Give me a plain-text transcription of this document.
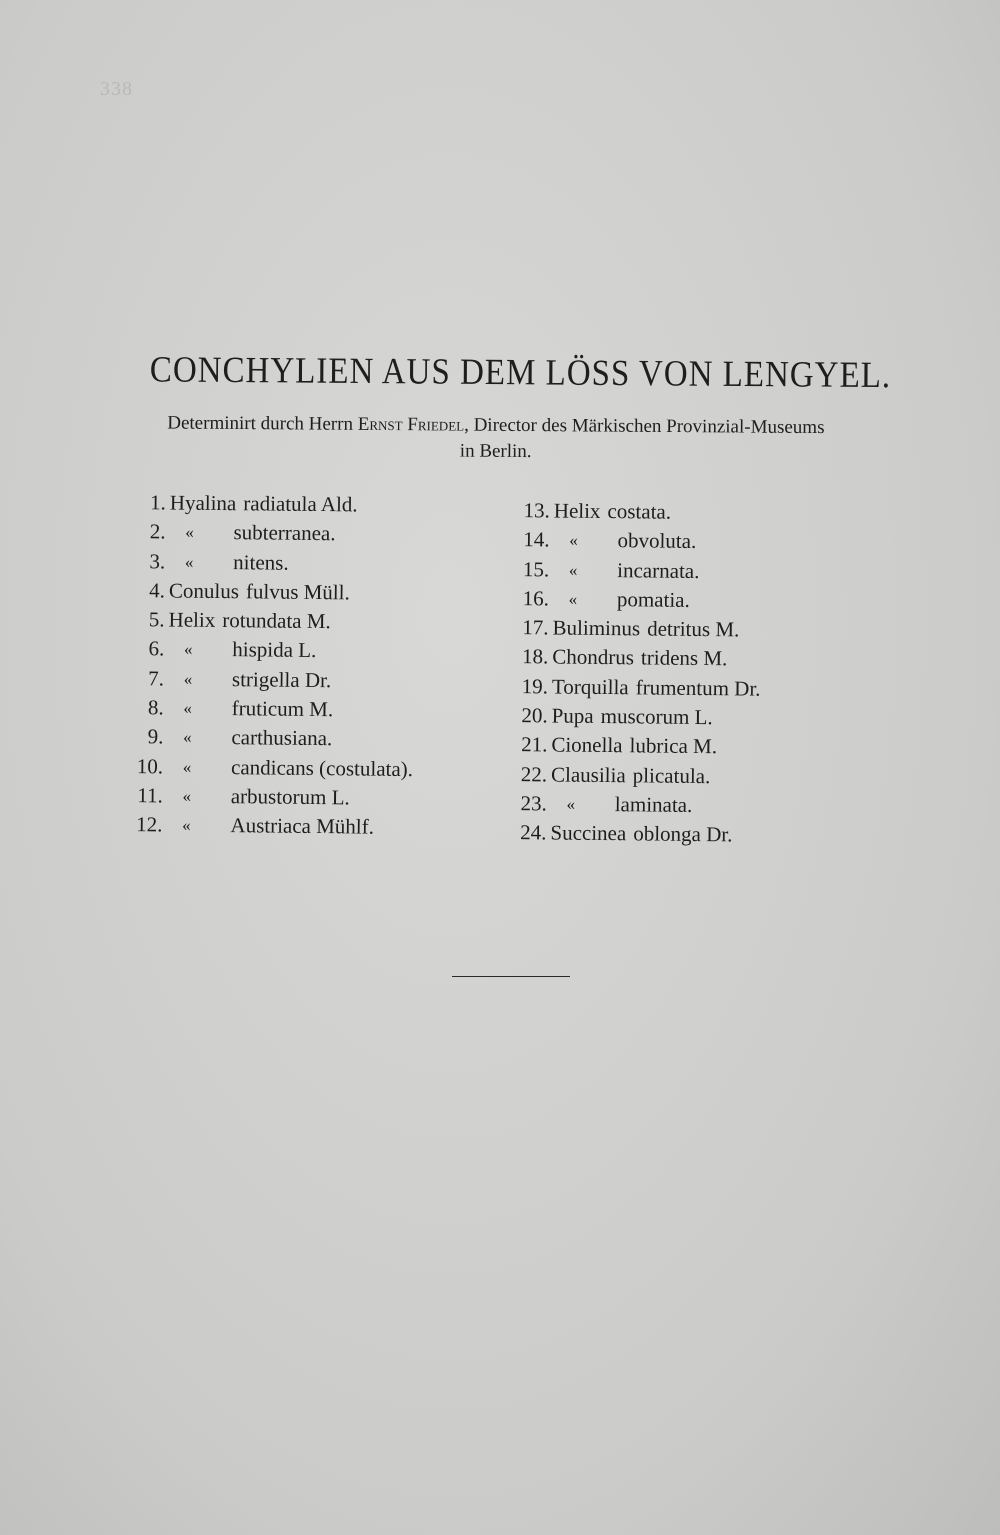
338
CONCHYLIEN AUS DEM LÖSS VON LENGYEL.
Determinirt durch Herrn Ernst Friedel, Director des Märkischen Provinzial-Museums
in Berlin.
1. Hyalina radiatula Ald.
2.	«	subterranea.
3.	«	nitens.
4. Conulus fulvus Müll.
5. Helix rotundata M.
6.	«	hispida L.
7.	«	strigella Dr.
8.	«	fruticum M.
9.	«	carthusiana.
10.	«	candicans (costulata).
11.	«	arbustorum L.
12.	«	Austriaca Mühlf.
13. Helix costata.
14.	«	obvoluta.
15.	«	incarnata.
16.	«	pomatia.
17. Buliminus detritus M.
18. Chondrus tridens M.
19. Torquilla frumentum Dr.
20. Pupa muscorum L.
21. Cionella lubrica M.
22. Clausilia plicatula.
23.	«	laminata.
24. Succinea oblonga Dr.
